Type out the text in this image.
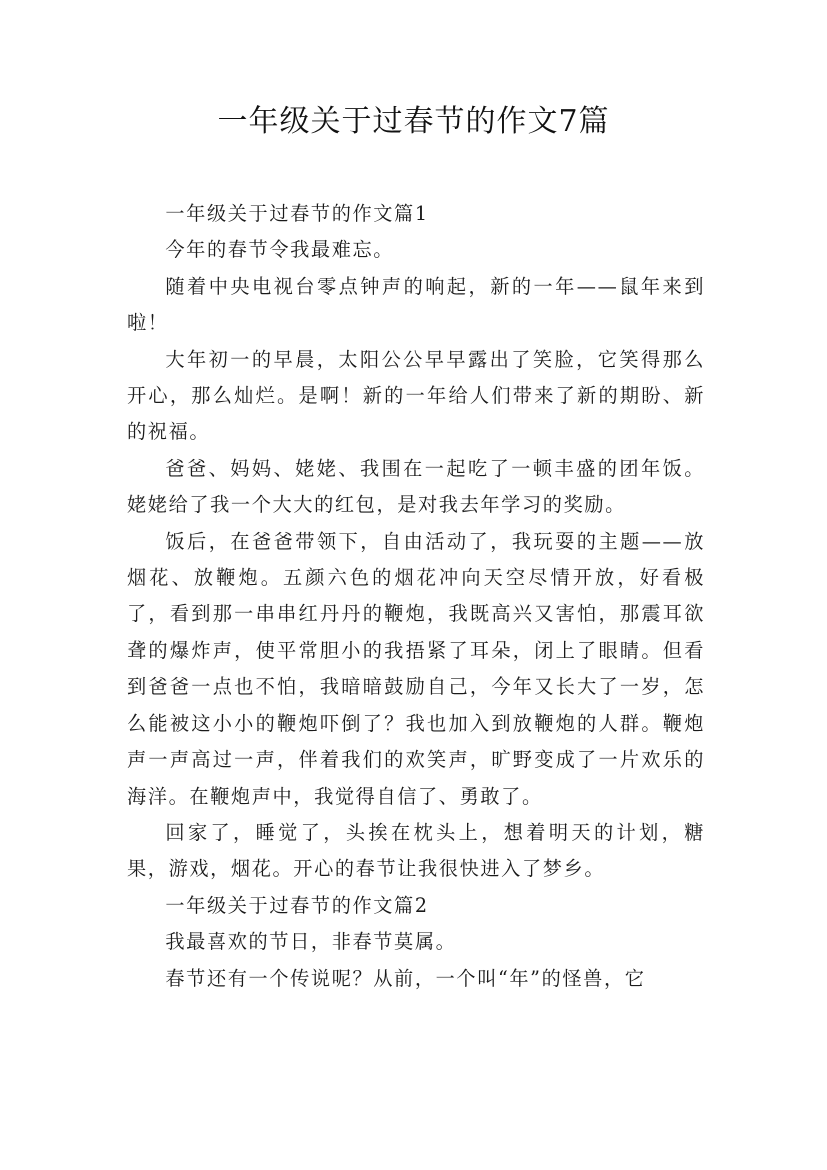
一年级关于过春节的作文7篇

一年级关于过春节的作文篇1

今年的春节令我最难忘。

随着中央电视台零点钟声的响起，新的一年——鼠年来到啦！

大年初一的早晨，太阳公公早早露出了笑脸，它笑得那么开心，那么灿烂。是啊！新的一年给人们带来了新的期盼、新的祝福。

爸爸、妈妈、姥姥、我围在一起吃了一顿丰盛的团年饭。姥姥给了我一个大大的红包，是对我去年学习的奖励。

饭后，在爸爸带领下，自由活动了，我玩耍的主题——放烟花、放鞭炮。五颜六色的烟花冲向天空尽情开放，好看极了，看到那一串串红丹丹的鞭炮，我既高兴又害怕，那震耳欲聋的爆炸声，使平常胆小的我捂紧了耳朵，闭上了眼睛。但看到爸爸一点也不怕，我暗暗鼓励自己，今年又长大了一岁，怎么能被这小小的鞭炮吓倒了？我也加入到放鞭炮的人群。鞭炮声一声高过一声，伴着我们的欢笑声，旷野变成了一片欢乐的海洋。在鞭炮声中，我觉得自信了、勇敢了。

回家了，睡觉了，头挨在枕头上，想着明天的计划，糖果，游戏，烟花。开心的春节让我很快进入了梦乡。

一年级关于过春节的作文篇2

我最喜欢的节日，非春节莫属。

春节还有一个传说呢？从前，一个叫“年”的怪兽，它
